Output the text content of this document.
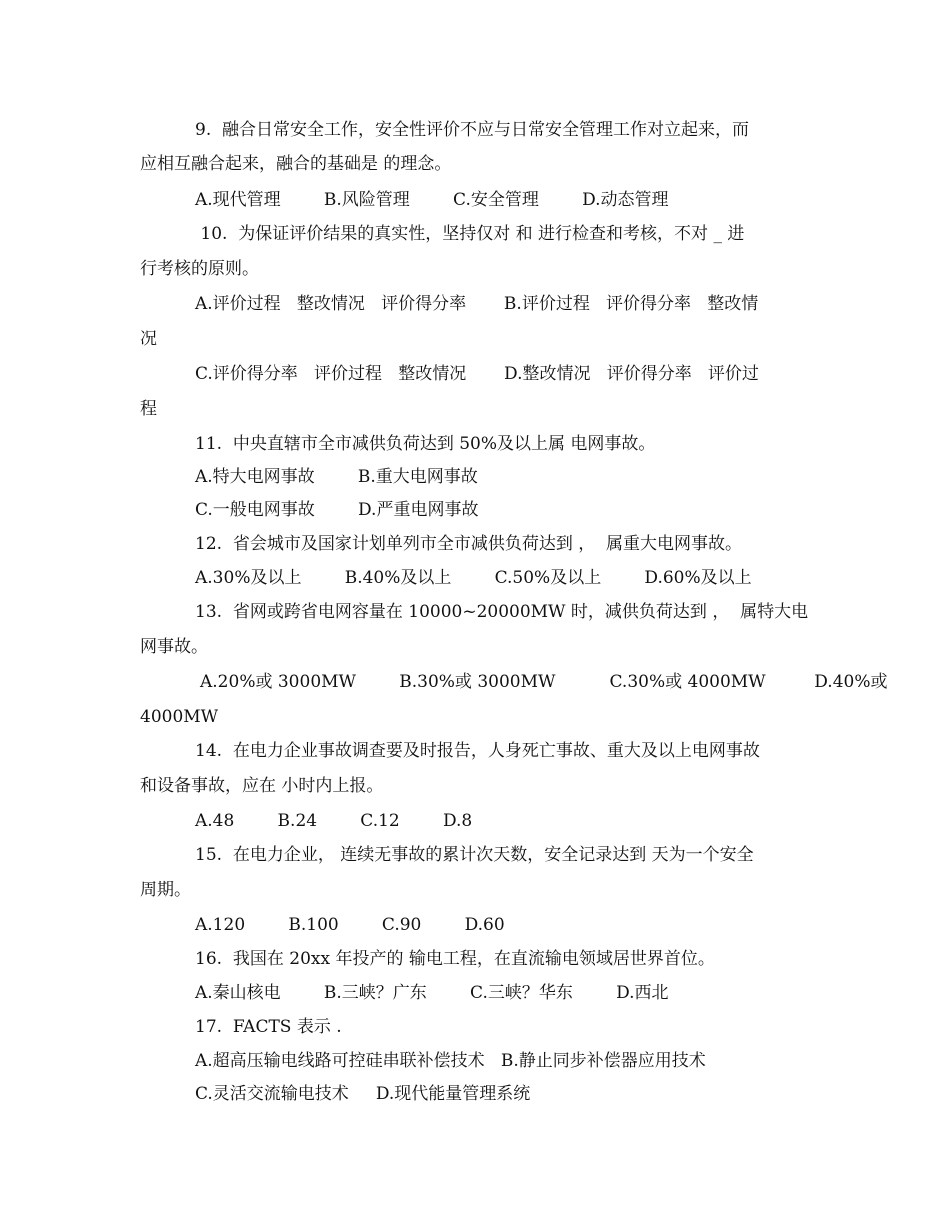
9.  融合日常安全工作，安全性评价不应与日常安全管理工作对立起来，而
应相互融合起来，融合的基础是 的理念。
A.现代管理        B.风险管理        C.安全管理        D.动态管理
10.  为保证评价结果的真实性，坚持仅对 和 进行检查和考核，不对 _ 进
行考核的原则。
A.评价过程   整改情况   评价得分率       B.评价过程   评价得分率   整改情
况
C.评价得分率   评价过程   整改情况       D.整改情况   评价得分率   评价过
程
11.  中央直辖市全市减供负荷达到 50%及以上属 电网事故。
A.特大电网事故        B.重大电网事故
C.一般电网事故        D.严重电网事故
12.  省会城市及国家计划单列市全市减供负荷达到 ，  属重大电网事故。
A.30%及以上        B.40%及以上        C.50%及以上        D.60%及以上
13.  省网或跨省电网容量在 10000~20000MW 时，减供负荷达到 ，  属特大电
网事故。
A.20%或 3000MW        B.30%或 3000MW          C.30%或 4000MW         D.40%或
4000MW
14.  在电力企业事故调查要及时报告，人身死亡事故、重大及以上电网事故
和设备事故，应在 小时内上报。
A.48        B.24        C.12        D.8
15.  在电力企业， 连续无事故的累计次天数，安全记录达到 天为一个安全
周期。
A.120        B.100        C.90        D.60
16.  我国在 20xx 年投产的 输电工程，在直流输电领域居世界首位。
A.秦山核电        B.三峡？广东        C.三峡？华东        D.西北
17.  FACTS 表示 .
A.超高压输电线路可控硅串联补偿技术   B.静止同步补偿器应用技术
C.灵活交流输电技术     D.现代能量管理系统
